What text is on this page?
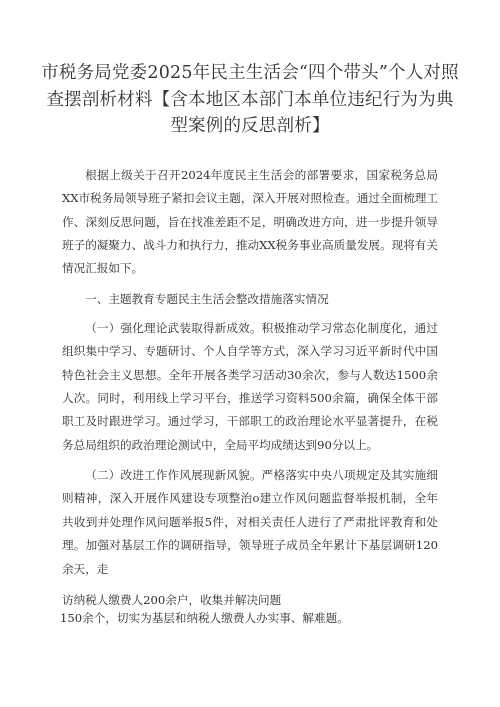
市税务局党委2025年民主生活会“四个带头”个人对照查摆剖析材料【含本地区本部门本单位违纪行为为典型案例的反思剖析】

根据上级关于召开2024年度民主生活会的部署要求，国家税务总局XX市税务局领导班子紧扣会议主题，深入开展对照检查。通过全面梳理工作、深刻反思问题，旨在找准差距不足，明确改进方向，进一步提升领导班子的凝聚力、战斗力和执行力，推动XX税务事业高质量发展。现将有关情况汇报如下。

一、主题教育专题民主生活会整改措施落实情况

（一）强化理论武装取得新成效。积极推动学习常态化制度化，通过组织集中学习、专题研讨、个人自学等方式，深入学习习近平新时代中国特色社会主义思想。全年开展各类学习活动30余次，参与人数达1500余人次。同时，利用线上学习平台，推送学习资料500余篇，确保全体干部职工及时跟进学习。通过学习，干部职工的政治理论水平显著提升，在税务总局组织的政治理论测试中，全局平均成绩达到90分以上。

（二）改进工作作风展现新风貌。严格落实中央八项规定及其实施细则精神，深入开展作风建设专项整治o建立作风问题监督举报机制，全年共收到并处理作风问题举报5件，对相关责任人进行了严肃批评教育和处理。加强对基层工作的调研指导，领导班子成员全年累计下基层调研120余天，走

访纳税人缴费人200余户，收集并解决问题
150余个，切实为基层和纳税人缴费人办实事、解难题。
